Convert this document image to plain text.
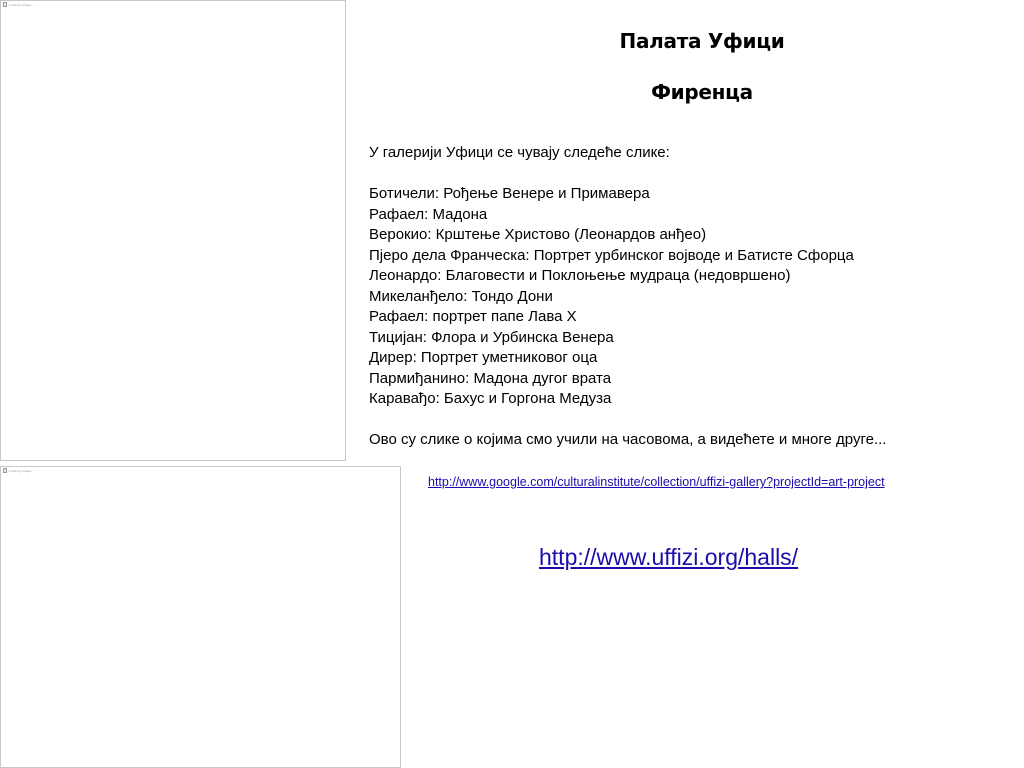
Loading image...
Loading image...
Палата Уфици
Фиренца

У галерији Уфици се чувају следеће слике:

Ботичели: Рођење Венере и Примавера

Рафаел: Мадона

Верокио: Крштење Христово (Леонардов анђео)

Пјеро дела Франческа: Портрет урбинског војводе и Батисте Сфорца

Леонардо: Благовести и Поклоњење мудраца (недовршено)

Микеланђело: Тондо Дони

Рафаел: портрет папе Лава X

Тицијан: Флора и Урбинска Венера

Дирер: Портрет уметниковог оца

Пармиђанино: Мадона дугог врата

Каравађо: Бахус и Горгона Медуза

Ово су слике о којима смо учили на часовома, а видећете и многе друге...

http://www.google.com/culturalinstitute/collection/uffizi-gallery?projectId=art-project
http://www.uffizi.org/halls/
